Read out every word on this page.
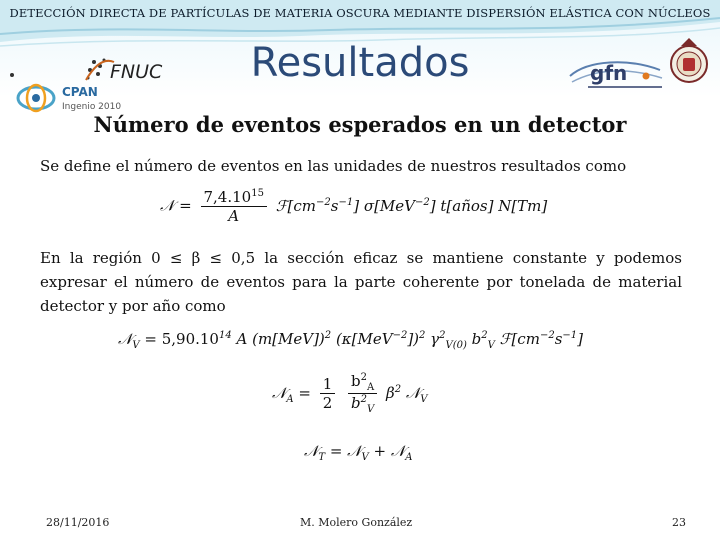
DETECCIÓN DIRECTA DE PARTÍCULAS DE MATERIA OSCURA MEDIANTE DISPERSIÓN ELÁSTICA CON NÚCLEOS
FNUC
CPAN
Ingenio 2010
gfn
Resultados
Número de eventos esperados en un detector
Se define el número de eventos en las unidades de nuestros resultados como
𝒩 = $\frac{7,4.10^{15}}{A}$ $ℱ[cm^{-2}s^{-1}]$ σ[MeV$^{-2}$] t[años] N[Tm]
En la región 0 ≤ β ≤ 0,5 la sección eficaz se mantiene constante y podemos expresar el número de eventos para la parte coherente por tonelada de material detector y por año como
𝒩$_V$ = $5,90.10^{14}$ A $(m[MeV])^2$ $(\kappa[MeV^{-2}])^2$ $\gamma^2_{V(0)}$ $b^2_V$ $ℱ[cm^{-2}s^{-1}]$
𝒩$_A$ = $\frac{1}{2}$
$\frac{b^2_A}{b^2_V} \beta^2$ 𝒩$_V$
𝒩$_T$ = 𝒩$_V$ + 𝒩$_A$
28/11/2016	M. Molero González	23
